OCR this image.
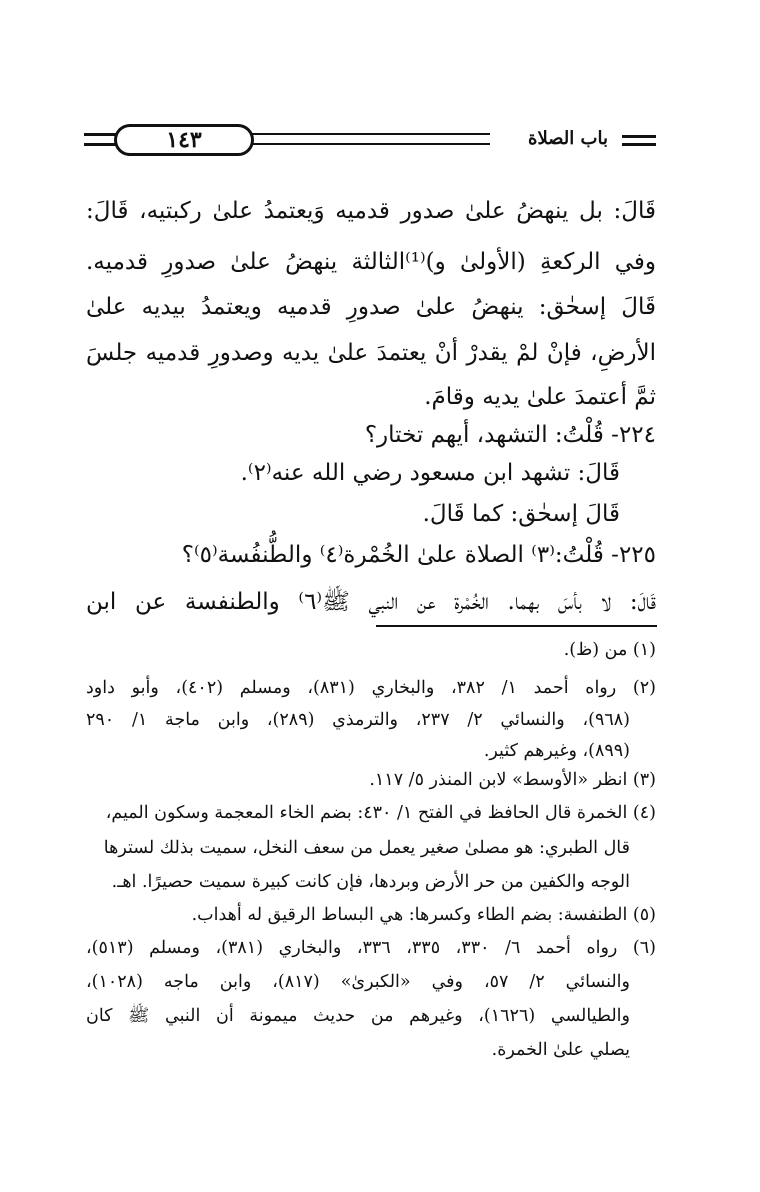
١٤٣	باب الصلاة
قَالَ: بل ينهضُ علىٰ صدور قدميه وَيعتمدُ علىٰ ركبتيه، قَالَ:
وفي الركعةِ (الأولىٰ و)⁽¹⁾الثالثة ينهضُ علىٰ صدورِ قدميه.
قَالَ إسحٰق: ينهضُ علىٰ صدورِ قدميه ويعتمدُ بيديه علىٰ
الأرضِ، فإنْ لمْ يقدرْ أنْ يعتمدَ علىٰ يديه وصدورِ قدميه جلسَ
ثمَّ أعتمدَ علىٰ يديه وقامَ.
٢٢٤- قُلْتُ: التشهد، أيهم تختار؟
قَالَ: تشهد ابن مسعود رضي الله عنه⁽٢⁾.
قَالَ إسحٰق: كما قَالَ.
٢٢٥- قُلْتُ:⁽٣⁾ الصلاة علىٰ الخُمْرة⁽٤⁾ والطُّنفُسة⁽٥⁾؟
قَالَ: لا بأسَ بهما. الخُمْرة عن النبي ﷺ⁽٦⁾ والطنفسة عن ابن
(١) من (ظ).
(٢) رواه أحمد ١/ ٣٨٢، والبخاري (٨٣١)، ومسلم (٤٠٢)، وأبو داود
(٩٦٨)، والنسائي ٢/ ٢٣٧، والترمذي (٢٨٩)، وابن ماجة ١/ ٢٩٠
(٨٩٩)، وغيرهم كثير.
(٣) انظر «الأوسط» لابن المنذر ٥/ ١١٧.
(٤) الخمرة قال الحافظ في الفتح ١/ ٤٣٠: بضم الخاء المعجمة وسكون الميم،
قال الطبري: هو مصلىٰ صغير يعمل من سعف النخل، سميت بذلك لسترها
الوجه والكفين من حر الأرض وبردها، فإن كانت كبيرة سميت حصيرًا. اهـ.
(٥) الطنفسة: بضم الطاء وكسرها: هي البساط الرقيق له أهداب.
(٦) رواه أحمد ٦/ ٣٣٠، ٣٣٥، ٣٣٦، والبخاري (٣٨١)، ومسلم (٥١٣)،
والنسائي ٢/ ٥٧، وفي «الكبرىٰ» (٨١٧)، وابن ماجه (١٠٢٨)،
والطيالسي (١٦٢٦)، وغيرهم من حديث ميمونة أن النبي ﷺ كان
يصلي علىٰ الخمرة.
